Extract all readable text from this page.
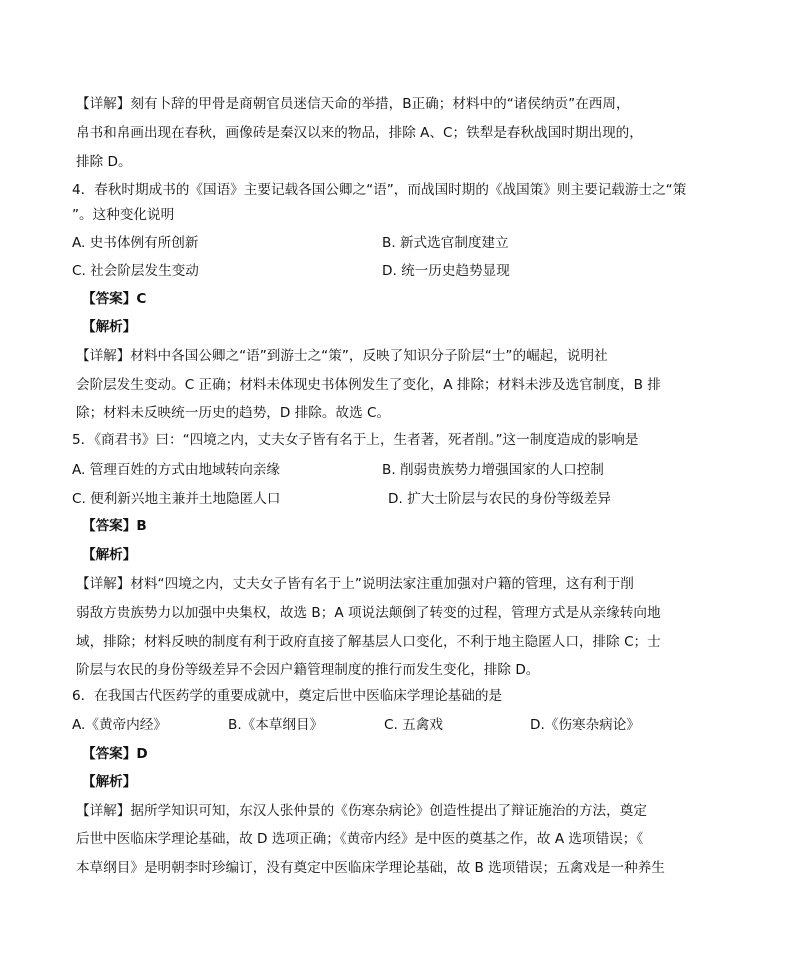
【详解】刻有卜辞的甲骨是商朝官员迷信天命的举措，B正确；材料中的“诸侯纳贡”在西周，
帛书和帛画出现在春秋，画像砖是秦汉以来的物品，排除 A、C；铁犁是春秋战国时期出现的，
排除 D。
4．春秋时期成书的《国语》主要记载各国公卿之“语”，而战国时期的《战国策》则主要记载游士之“策
”。这种变化说明
A. 史书体例有所创新	B. 新式选官制度建立
C. 社会阶层发生变动	D. 统一历史趋势显现
【答案】C
【解析】
【详解】材料中各国公卿之“语”到游士之“策”，反映了知识分子阶层“士”的崛起，说明社
会阶层发生变动。C 正确；材料未体现史书体例发生了变化，A 排除；材料未涉及选官制度，B 排
除；材料未反映统一历史的趋势，D 排除。故选 C。
5．《商君书》曰：“四境之内，丈夫女子皆有名于上，生者著，死者削。”这一制度造成的影响是
A. 管理百姓的方式由地域转向亲缘	B. 削弱贵族势力增强国家的人口控制
C. 便利新兴地主兼并土地隐匿人口	D. 扩大士阶层与农民的身份等级差异
【答案】B
【解析】
【详解】材料“四境之内，丈夫女子皆有名于上”说明法家注重加强对户籍的管理，这有利于削
弱敌方贵族势力以加强中央集权，故选 B；A 项说法颠倒了转变的过程，管理方式是从亲缘转向地
域，排除；材料反映的制度有利于政府直接了解基层人口变化，不利于地主隐匿人口，排除 C；士
阶层与农民的身份等级差异不会因户籍管理制度的推行而发生变化，排除 D。
6．在我国古代医药学的重要成就中，奠定后世中医临床学理论基础的是
A.《黄帝内经》	B.《本草纲目》	C. 五禽戏	D.《伤寒杂病论》
【答案】D
【解析】
【详解】据所学知识可知，东汉人张仲景的《伤寒杂病论》创造性提出了辩证施治的方法，奠定
后世中医临床学理论基础，故 D 选项正确；《黄帝内经》是中医的奠基之作，故 A 选项错误；《
本草纲目》是明朝李时珍编订，没有奠定中医临床学理论基础，故 B 选项错误；五禽戏是一种养生
